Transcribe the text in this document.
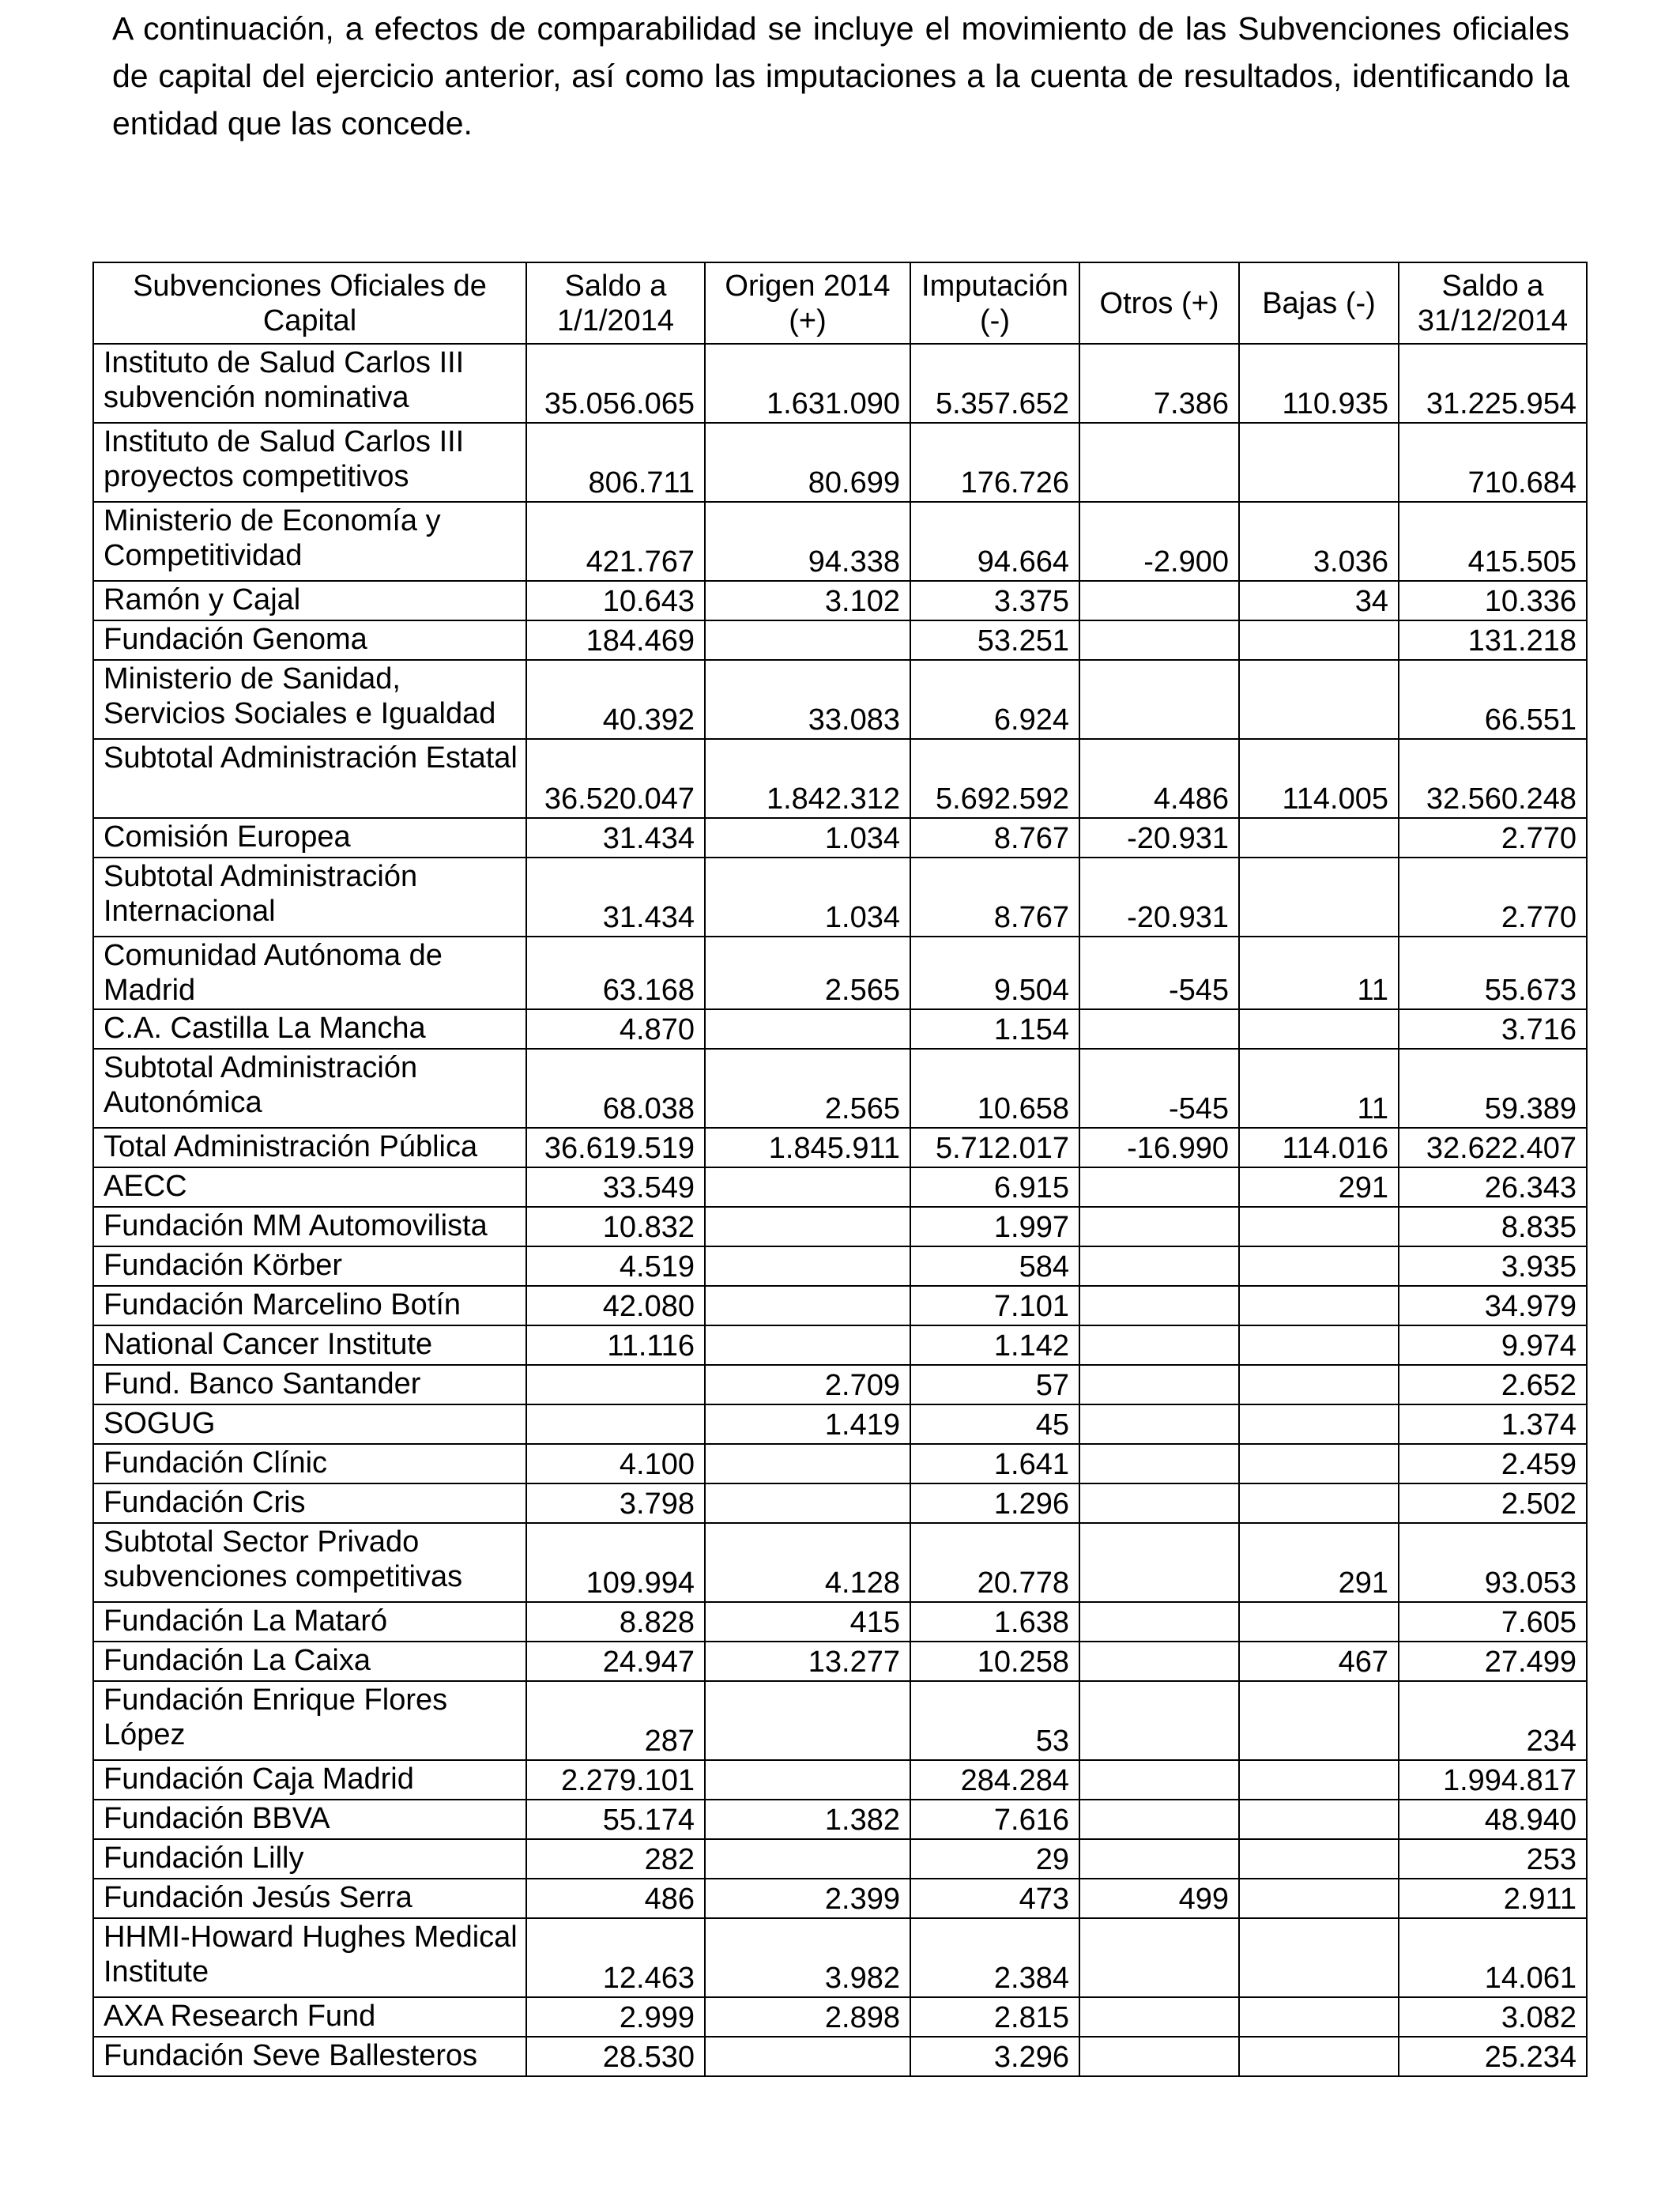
A continuación, a efectos de comparabilidad se incluye el movimiento de las Subvenciones oficiales de capital del ejercicio anterior, así como las imputaciones a la cuenta de resultados, identificando la entidad que las concede.

Subvenciones Oficiales de Capital	Saldo a 1/1/2014	Origen 2014 (+)	Imputación (-)	Otros (+)	Bajas (-)	Saldo a 31/12/2014
Instituto de Salud Carlos III subvención nominativa	35.056.065	1.631.090	5.357.652	7.386	110.935	31.225.954
Instituto de Salud Carlos III proyectos competitivos	806.711	80.699	176.726			710.684
Ministerio de Economía y Competitividad	421.767	94.338	94.664	-2.900	3.036	415.505
Ramón y Cajal	10.643	3.102	3.375		34	10.336
Fundación Genoma	184.469		53.251			131.218
Ministerio de Sanidad, Servicios Sociales e Igualdad	40.392	33.083	6.924			66.551
Subtotal Administración Estatal	36.520.047	1.842.312	5.692.592	4.486	114.005	32.560.248
Comisión Europea	31.434	1.034	8.767	-20.931		2.770
Subtotal Administración Internacional	31.434	1.034	8.767	-20.931		2.770
Comunidad Autónoma de Madrid	63.168	2.565	9.504	-545	11	55.673
C.A. Castilla La Mancha	4.870		1.154			3.716
Subtotal Administración Autonómica	68.038	2.565	10.658	-545	11	59.389
Total Administración Pública	36.619.519	1.845.911	5.712.017	-16.990	114.016	32.622.407
AECC	33.549		6.915		291	26.343
Fundación MM Automovilista	10.832		1.997			8.835
Fundación Körber	4.519		584			3.935
Fundación Marcelino Botín	42.080		7.101			34.979
National Cancer Institute	11.116		1.142			9.974
Fund. Banco Santander		2.709	57			2.652
SOGUG		1.419	45			1.374
Fundación Clínic	4.100		1.641			2.459
Fundación Cris	3.798		1.296			2.502
Subtotal Sector Privado subvenciones competitivas	109.994	4.128	20.778		291	93.053
Fundación La Mataró	8.828	415	1.638			7.605
Fundación La Caixa	24.947	13.277	10.258		467	27.499
Fundación Enrique Flores López	287		53			234
Fundación Caja Madrid	2.279.101		284.284			1.994.817
Fundación BBVA	55.174	1.382	7.616			48.940
Fundación Lilly	282		29			253
Fundación Jesús Serra	486	2.399	473	499		2.911
HHMI-Howard Hughes Medical Institute	12.463	3.982	2.384			14.061
AXA Research Fund	2.999	2.898	2.815			3.082
Fundación Seve Ballesteros	28.530		3.296			25.234
